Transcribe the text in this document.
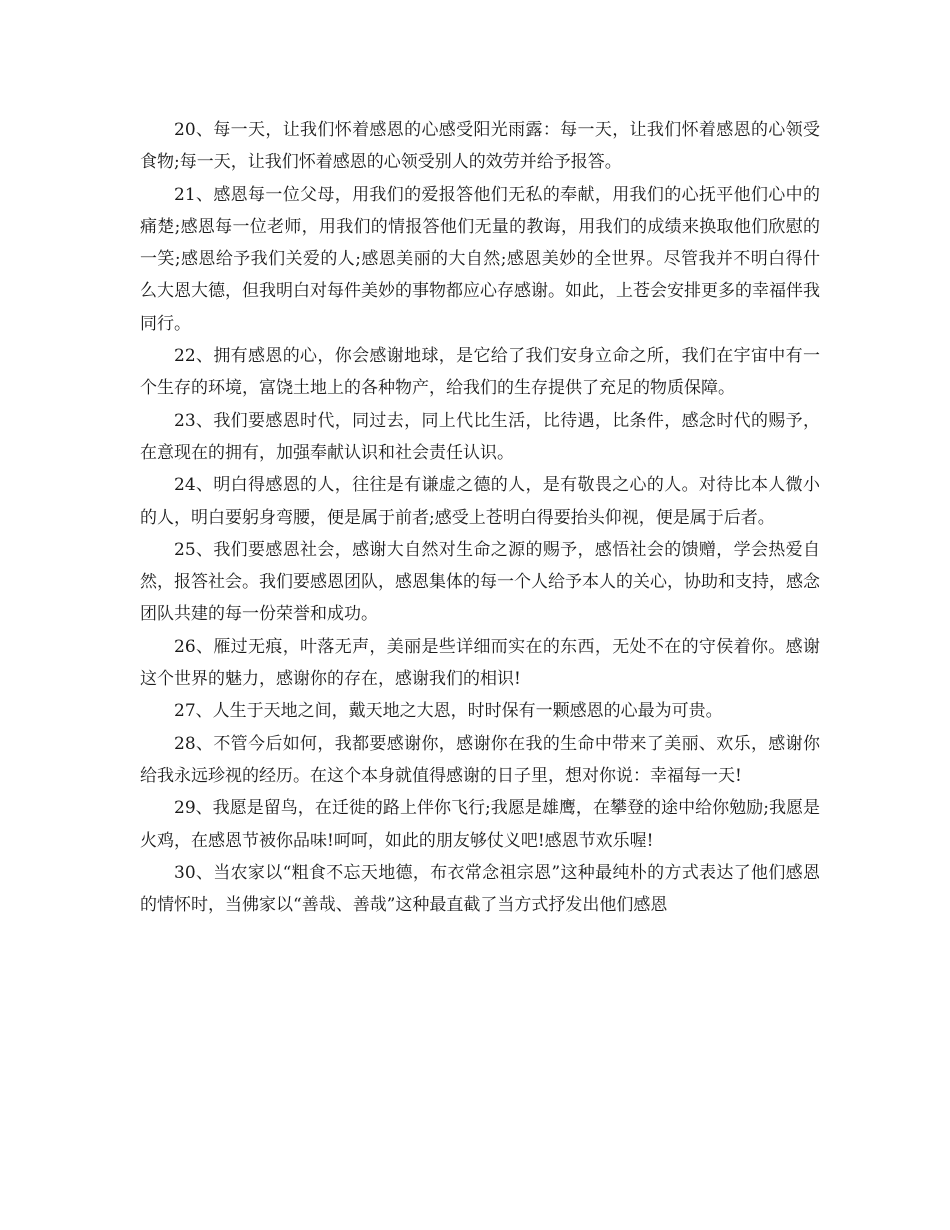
20、每一天，让我们怀着感恩的心感受阳光雨露：每一天，让我们怀着感恩的心领受食物;每一天，让我们怀着感恩的心领受别人的效劳并给予报答。

21、感恩每一位父母，用我们的爱报答他们无私的奉献，用我们的心抚平他们心中的痛楚;感恩每一位老师，用我们的情报答他们无量的教诲，用我们的成绩来换取他们欣慰的一笑;感恩给予我们关爱的人;感恩美丽的大自然;感恩美妙的全世界。尽管我并不明白得什么大恩大德，但我明白对每件美妙的事物都应心存感谢。如此，上苍会安排更多的幸福伴我同行。

22、拥有感恩的心，你会感谢地球，是它给了我们安身立命之所，我们在宇宙中有一个生存的环境，富饶土地上的各种物产，给我们的生存提供了充足的物质保障。

23、我们要感恩时代，同过去，同上代比生活，比待遇，比条件，感念时代的赐予，在意现在的拥有，加强奉献认识和社会责任认识。

24、明白得感恩的人，往往是有谦虚之德的人，是有敬畏之心的人。对待比本人微小的人，明白要躬身弯腰，便是属于前者;感受上苍明白得要抬头仰视，便是属于后者。

25、我们要感恩社会，感谢大自然对生命之源的赐予，感悟社会的馈赠，学会热爱自然，报答社会。我们要感恩团队，感恩集体的每一个人给予本人的关心，协助和支持，感念团队共建的每一份荣誉和成功。

26、雁过无痕，叶落无声，美丽是些详细而实在的东西，无处不在的守侯着你。感谢这个世界的魅力，感谢你的存在，感谢我们的相识!

27、人生于天地之间，戴天地之大恩，时时保有一颗感恩的心最为可贵。

28、不管今后如何，我都要感谢你，感谢你在我的生命中带来了美丽、欢乐，感谢你给我永远珍视的经历。在这个本身就值得感谢的日子里，想对你说：幸福每一天!

29、我愿是留鸟，在迁徙的路上伴你飞行;我愿是雄鹰，在攀登的途中给你勉励;我愿是火鸡，在感恩节被你品味!呵呵，如此的朋友够仗义吧!感恩节欢乐喔!

30、当农家以“粗食不忘天地德，布衣常念祖宗恩”这种最纯朴的方式表达了他们感恩的情怀时，当佛家以“善哉、善哉”这种最直截了当方式抒发出他们感恩
